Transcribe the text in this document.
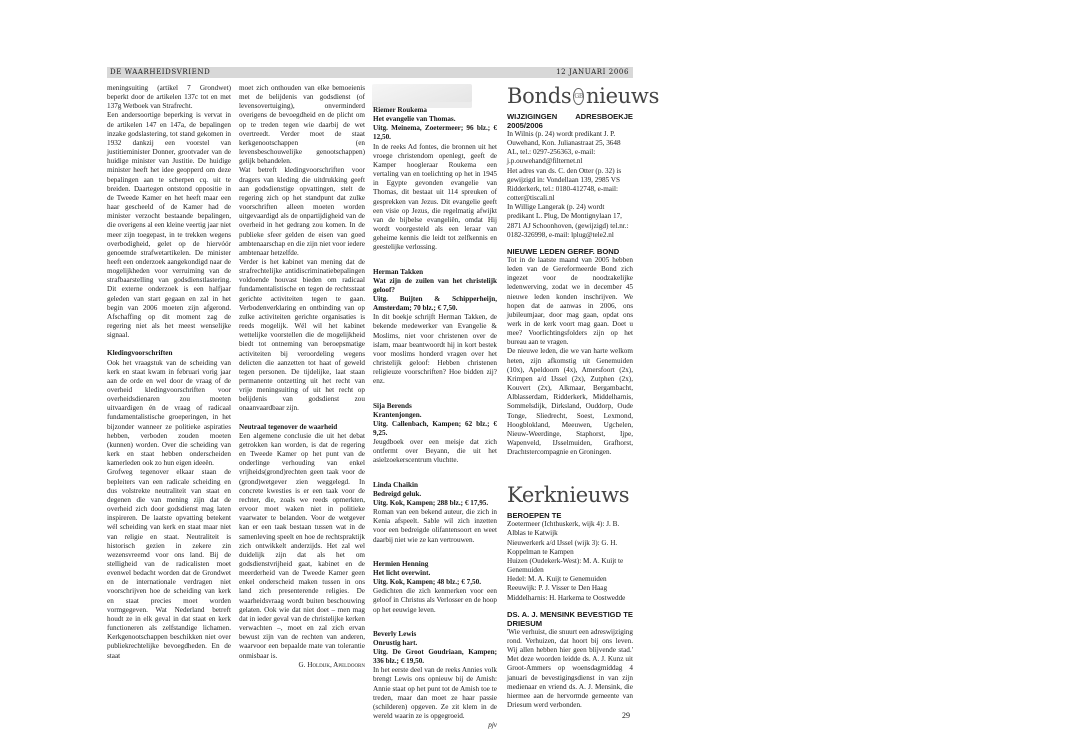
DE WAARHEIDSVRIEND	12 JANUARI 2006

meningsuiting (artikel 7 Grondwet) beperkt door de artikelen 137c tot en met 137g Wetboek van Strafrecht.

Een andersoortige beperking is vervat in de artikelen 147 en 147a, de bepalingen inzake godslastering, tot stand gekomen in 1932 dankzij een voorstel van justitieminister Donner, grootvader van de huidige minister van Justitie. De huidige minister heeft het idee geopperd om deze bepalingen aan te scherpen cq. uit te breiden. Daartegen ontstond oppositie in de Tweede Kamer en het heeft maar een haar gescheeld of de Kamer had de minister verzocht bestaande bepalingen, die overigens al een kleine veertig jaar niet meer zijn toegepast, in te trekken wegens overbodigheid, gelet op de hiervóór genoemde strafwetartikelen. De minister heeft een onderzoek aangekondigd naar de mogelijkheden voor verruiming van de strafbaarstelling van godsdienstlastering. Dit externe onderzoek is een halfjaar geleden van start gegaan en zal in het begin van 2006 moeten zijn afgerond. Afschaffing op dit moment zag de regering niet als het meest wenselijke signaal.

Kledingvoorschriften

Ook het vraagstuk van de scheiding van kerk en staat kwam in februari vorig jaar aan de orde en wel door de vraag of de overheid kledingvoorschriften voor overheidsdienaren zou moeten uitvaardigen én de vraag of radicaal fundamentalistische groeperingen, in het bijzonder wanneer ze politieke aspiraties hebben, verboden zouden moeten (kunnen) worden. Over die scheiding van kerk en staat hebben onderscheiden kamerleden ook zo hun eigen ideeën.

Grofweg tegenover elkaar staan de bepleiters van een radicale scheiding en dus volstrekte neutraliteit van staat en degenen die van mening zijn dat de overheid zich door godsdienst mag laten inspireren. De laatste opvatting betekent wél scheiding van kerk en staat maar niet van religie en staat. Neutraliteit is historisch gezien in zekere zin wezensvreemd voor ons land. Bij de stelligheid van de radicalisten moet evenwel bedacht worden dat de Grondwet en de internationale verdragen niet voorschrijven hoe de scheiding van kerk en staat precies moet worden vormgegeven. Wat Nederland betreft houdt ze in elk geval in dat staat en kerk functioneren als zelfstandige lichamen. Kerkgenootschappen beschikken niet over publiekrechtelijke bevoegdheden. En de staat

moet zich onthouden van elke bemoeienis met de belijdenis van godsdienst (of levensovertuiging), onverminderd overigens de bevoegdheid en de plicht om op te treden tegen wie daarbij de wet overtreedt. Verder moet de staat kerkgenootschappen (en levensbeschouwelijke genootschappen) gelijk behandelen.

Wat betreft kledingvoorschriften voor dragers van kleding die uitdrukking geeft aan godsdienstige opvattingen, stelt de regering zich op het standpunt dat zulke voorschriften alleen moeten worden uitgevaardigd als de onpartijdigheid van de overheid in het gedrang zou komen. In de publieke sfeer gelden de eisen van goed ambtenaarschap en die zijn niet voor iedere ambtenaar hetzelfde.

Verder is het kabinet van mening dat de strafrechtelijke antidiscriminatiebepalingen voldoende houvast bieden om radicaal fundamentalistische en tegen de rechtsstaat gerichte activiteiten tegen te gaan. Verbodenverklaring en ontbinding van op zulke activiteiten gerichte organisaties is reeds mogelijk. Wél wil het kabinet wettelijke voorstellen die de mogelijkheid biedt tot ontneming van beroepsmatige activiteiten bij veroordeling wegens delicten die aanzetten tot haat of geweld tegen personen. De tijdelijke, laat staan permanente ontzetting uit het recht van vrije meningsuiting of uit het recht op belijdenis van godsdienst zou onaanvaardbaar zijn.

Neutraal tegenover de waarheid

Een algemene conclusie die uit het debat getrokken kan worden, is dat de regering en Tweede Kamer op het punt van de onderlinge verhouding van enkel vrijheids(grond)rechten geen taak voor de (grond)wetgever zien weggelegd. In concrete kwesties is er een taak voor de rechter, die, zoals we reeds opmerkten, ervoor moet waken niet in politieke vaarwater te belanden. Voor de wetgever kan er een taak bestaan tussen wat in de samenleving speelt en hoe de rechtspraktijk zich ontwikkelt anderzijds. Het zal wel duidelijk zijn dat als het om godsdienstvrijheid gaat, kabinet en de meerderheid van de Tweede Kamer geen enkel onderscheid maken tussen in ons land zich presenterende religies. De waarheidsvraag wordt buiten beschouwing gelaten. Ook wie dat niet doet – men mag dat in ieder geval van de christelijke kerken verwachten –, moet en zal zich ervan bewust zijn van de rechten van anderen, waarvoor een bepaalde mate van tolerantie onmisbaar is.

G. Holdijk, Apeldoorn

Riemer Roukema
Het evangelie van Thomas.
Uitg. Meinema, Zoetermeer; 96 blz.; € 12,50.
In de reeks Ad fontes, die bronnen uit het vroege christendom openlegt, geeft de Kamper hoogleraar Roukema een vertaling van en toelichting op het in 1945 in Egypte gevonden evangelie van Thomas, dit bestaat uit 114 spreuken of gesprekken van Jezus. Dit evangelie geeft een visie op Jezus, die regelmatig afwijkt van de bijbelse evangeliën, omdat Hij wordt voorgesteld als een leraar van geheime kennis die leidt tot zelfkennis en geestelijke verlossing.
Herman Takken
Wat zijn de zuilen van het christelijk geloof?
Uitg. Buijten & Schipperheijn, Amsterdam; 70 blz.; € 7,50.
In dit boekje schrijft Herman Takken, de bekende medewerker van Evangelie & Moslims, niet voor christenen over de islam, maar beantwoordt hij in kort bestek voor moslims honderd vragen over het christelijk geloof: Hebben christenen religieuze voorschriften? Hoe bidden zij? enz.
Sija Berends
Krantenjongen.
Uitg. Callenbach, Kampen; 62 blz.; € 9,25.
Jeugdboek over een meisje dat zich ontfermt over Beyann, die uit het asielzoekerscentrum vluchtte.
Linda Chaikin
Bedreigd geluk.
Uitg. Kok, Kampen; 288 blz.; € 17,95.
Roman van een bekend auteur, die zich in Kenia afspeelt. Sable wil zich inzetten voor een bedreigde olifantensoort en weet daarbij niet wie ze kan vertrouwen.
Hermien Henning
Het licht overwint.
Uitg. Kok, Kampen; 48 blz.; € 7,50.
Gedichten die zich kenmerken voor een geloof in Christus als Verlosser en de hoop op het eeuwige leven.
Beverly Lewis
Onrustig hart.
Uitg. De Groot Goudriaan, Kampen; 336 blz.; € 19,50.
In het eerste deel van de reeks Annies volk brengt Lewis ons opnieuw bij de Amish: Annie staat op het punt tot de Amish toe te treden, maar dan moet ze haar passie (schilderen) opgeven. Ze zit klem in de wereld waarin ze is opgegroeid.

pjv

Bonds GB nieuws

WIJZIGINGEN ADRESBOEKJE 2005/2006

In Wilnis (p. 24) wordt predikant J. P. Ouwehand, Kon. Julianastraat 25, 3648 AL, tel.: 0297-256363, e-mail: j.p.ouwehand@filternet.nl

Het adres van ds. C. den Otter (p. 32) is gewijzigd in: Vondellaan 139, 2985 VS Ridderkerk, tel.: 0180-412748, e-mail: cotter@tiscali.nl

In Willige Langerak (p. 24) wordt predikant L. Plug, De Montignylaan 17, 2871 AJ Schoonhoven, (gewijzigd) tel.nr.: 0182-326998, e-mail: lplug@tele2.nl

NIEUWE LEDEN GEREF. BOND

Tot in de laatste maand van 2005 hebben leden van de Gereformeerde Bond zich ingezet voor de noodzakelijke ledenwerving, zodat we in december 45 nieuwe leden konden inschrijven. We hopen dat de aanwas in 2006, ons jubileumjaar, door mag gaan, opdat ons werk in de kerk voort mag gaan. Doet u mee? Voorlichtingsfolders zijn op het bureau aan te vragen.

De nieuwe leden, die we van harte welkom heten, zijn afkomstig uit Genemuiden (10x), Apeldoorn (4x), Amersfoort (2x), Krimpen a/d IJssel (2x), Zutphen (2x), Kouvert (2x), Alkmaar, Bergambacht, Alblasserdam, Ridderkerk, Middelharnis, Sommelsdijk, Dirksland, Ouddorp, Oude Tonge, Sliedrecht, Soest, Lexmond, Hoogblokland, Meeuwen, Ugchelen, Nieuw-Weerdinge, Staphorst, Ijpe, Wapenveld, IJsselmuiden, Grafhorst, Drachtstercompagnie en Groningen.

Kerknieuws

BEROEPEN TE

Zoetermeer (Ichthuskerk, wijk 4): J. B. Alblas te Katwijk

Nieuwerkerk a/d IJssel (wijk 3): G. H. Koppelman te Kampen

Huizen (Oudekerk-West): M. A. Kuijt te Genemuiden

Hedel: M. A. Kuijt te Genemuiden

Reeuwijk: P. J. Visser te Den Haag

Middelharnis: H. Harkema te Oostwedde

DS. A. J. MENSINK BEVESTIGD TE DRIESUM

'Wie verhuist, die snuurt een adreswijziging rond. Verhuizen, dat hoort bij ons leven. Wij allen hebben hier geen blijvende stad.' Met deze woorden leidde ds. A. J. Kunz uit Groot-Ammers op woensdagmiddag 4 januari de bevestigingsdienst in van zijn medienaar en vriend ds. A. J. Mensink, die hiermee aan de hervormde gemeente van Driesum werd verbonden.

29
